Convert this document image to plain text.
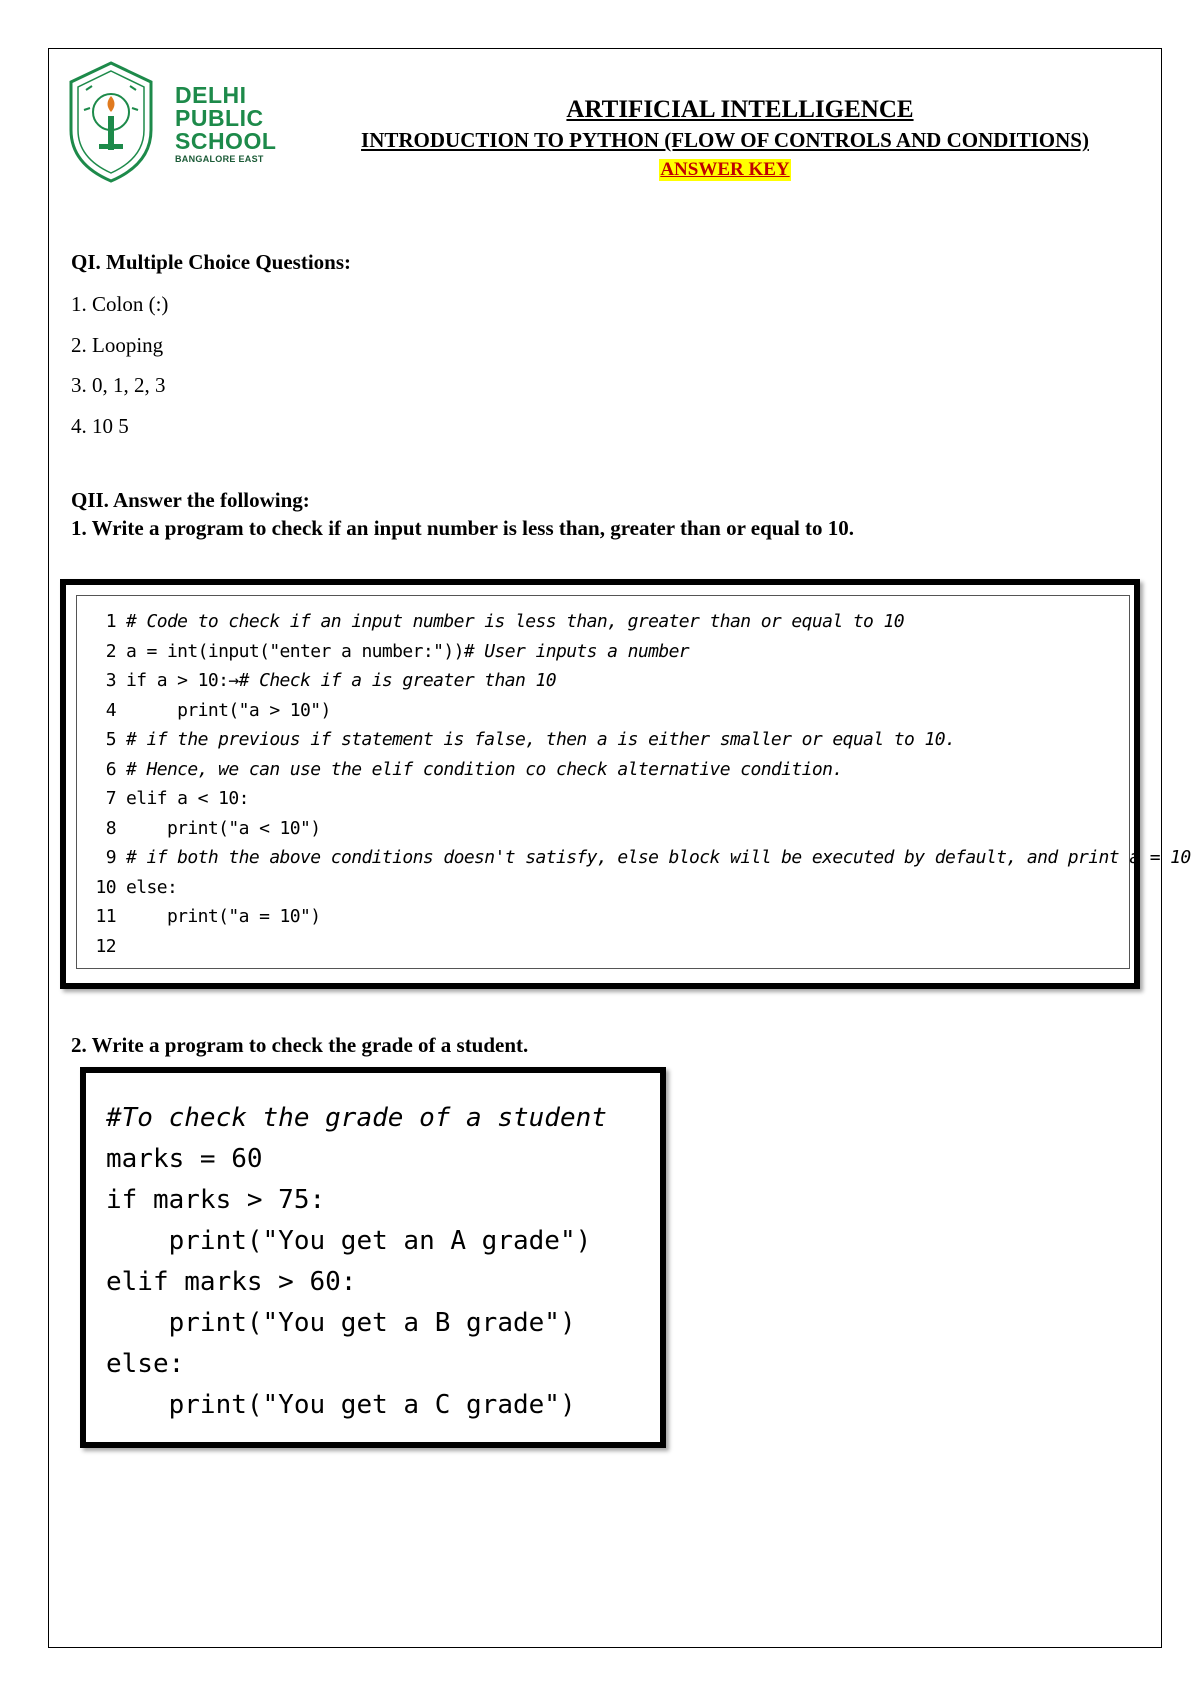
DELHI
PUBLIC
SCHOOL
BANGALORE EAST
ARTIFICIAL INTELLIGENCE
INTRODUCTION TO PYTHON (FLOW OF CONTROLS AND CONDITIONS)
ANSWER KEY
QI. Multiple Choice Questions:
1. Colon (:)
2. Looping
3. 0, 1, 2, 3
4. 10 5
QII. Answer the following:
1. Write a program to check if an input number is less than, greater than or equal to 10.
1 # Code to check if an input number is less than, greater than or equal to 10
2 a = int(input("enter a number:"))# User inputs a number
3 if a > 10:→# Check if a is greater than 10
4     print("a > 10")
5 # if the previous if statement is false, then a is either smaller or equal to 10.
6 # Hence, we can use the elif condition co check alternative condition.
7 elif a < 10:
8    print("a < 10")
9 # if both the above conditions doesn't satisfy, else block will be executed by default, and print a = 10
10 else:
11    print("a = 10")
12
2. Write a program to check the grade of a student.
#To check the grade of a student
marks = 60
if marks > 75:
print("You get an A grade")
elif marks > 60:
print("You get a B grade")
else:
print("You get a C grade")
